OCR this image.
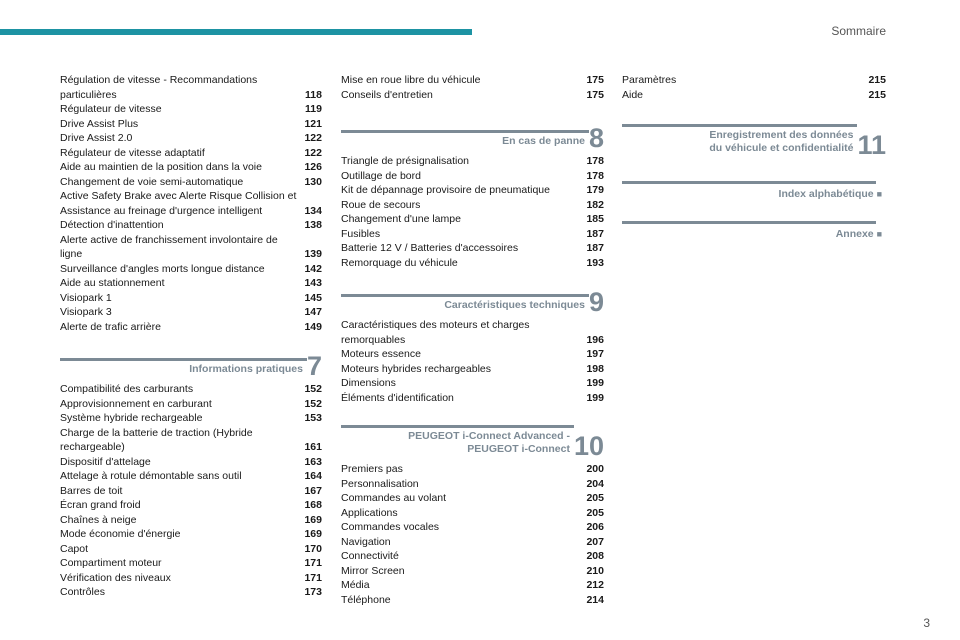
Sommaire
Régulation de vitesse - Recommandations particulières	118
Régulateur de vitesse	119
Drive Assist Plus	121
Drive Assist 2.0	122
Régulateur de vitesse adaptatif	122
Aide au maintien de la position dans la voie	126
Changement de voie semi-automatique	130
Active Safety Brake avec Alerte Risque Collision et Assistance au freinage d'urgence intelligent	134
Détection d'inattention	138
Alerte active de franchissement involontaire de ligne	139
Surveillance d'angles morts longue distance	142
Aide au stationnement	143
Visiopark 1	145
Visiopark 3	147
Alerte de trafic arrière	149
Informations pratiques 7
Compatibilité des carburants	152
Approvisionnement en carburant	152
Système hybride rechargeable	153
Charge de la batterie de traction (Hybride rechargeable)	161
Dispositif d'attelage	163
Attelage à rotule démontable sans outil	164
Barres de toit	167
Écran grand froid	168
Chaînes à neige	169
Mode économie d'énergie	169
Capot	170
Compartiment moteur	171
Vérification des niveaux	171
Contrôles	173
Mise en roue libre du véhicule	175
Conseils d'entretien	175
En cas de panne 8
Triangle de présignalisation	178
Outillage de bord	178
Kit de dépannage provisoire de pneumatique	179
Roue de secours	182
Changement d'une lampe	185
Fusibles	187
Batterie 12 V / Batteries d'accessoires	187
Remorquage du véhicule	193
Caractéristiques techniques 9
Caractéristiques des moteurs et charges remorquables	196
Moteurs essence	197
Moteurs hybrides rechargeables	198
Dimensions	199
Éléments d'identification	199
PEUGEOT i-Connect Advanced -
PEUGEOT i-Connect 10
Premiers pas	200
Personnalisation	204
Commandes au volant	205
Applications	205
Commandes vocales	206
Navigation	207
Connectivité	208
Mirror Screen	210
Média	212
Téléphone	214
Paramètres	215
Aide	215
Enregistrement des données
du véhicule et confidentialité 11
Index alphabétique ■
Annexe ■
3
